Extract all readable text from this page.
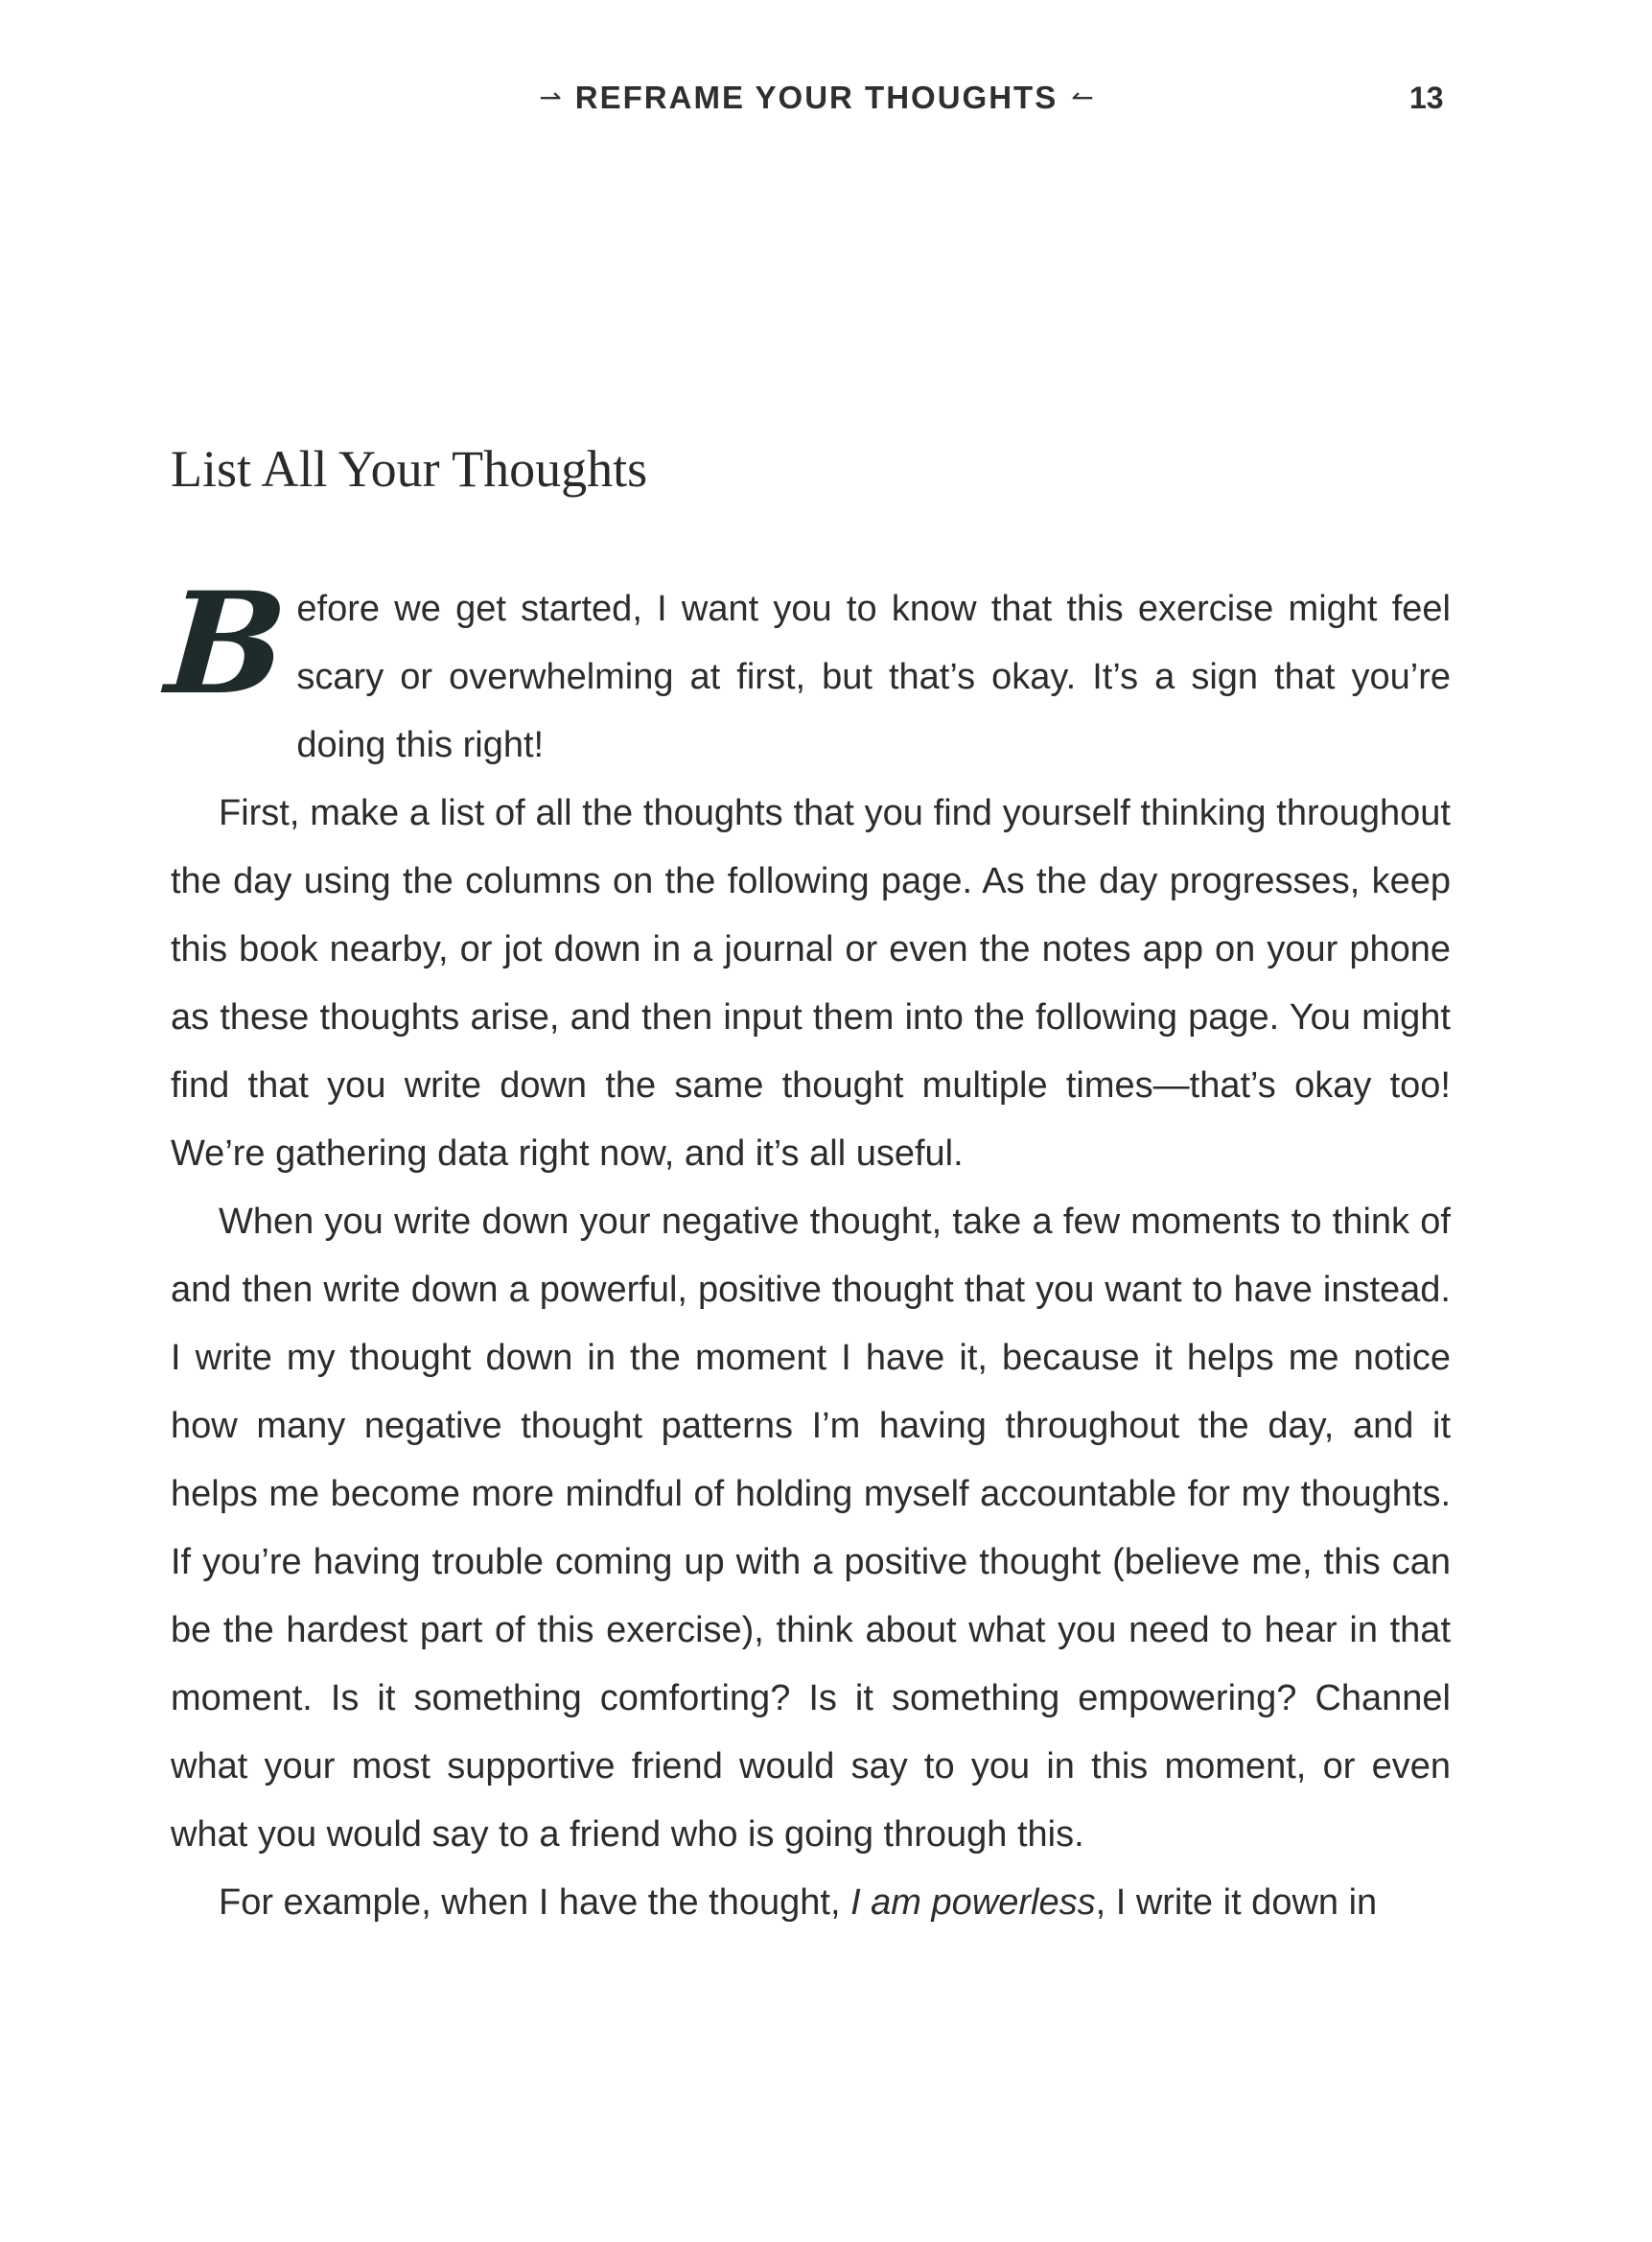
⇀ REFRAME YOUR THOUGHTS ↼	13
List All Your Thoughts

Before we get started, I want you to know that this exercise might feel scary or overwhelming at first, but that’s okay. It’s a sign that you’re doing this right!

First, make a list of all the thoughts that you find yourself thinking throughout the day using the columns on the following page. As the day progresses, keep this book nearby, or jot down in a journal or even the notes app on your phone as these thoughts arise, and then input them into the following page. You might find that you write down the same thought multiple times—that’s okay too! We’re gathering data right now, and it’s all useful.

When you write down your negative thought, take a few moments to think of and then write down a powerful, positive thought that you want to have instead. I write my thought down in the moment I have it, because it helps me notice how many negative thought patterns I’m having throughout the day, and it helps me become more mindful of holding myself accountable for my thoughts. If you’re having trouble coming up with a positive thought (believe me, this can be the hardest part of this exercise), think about what you need to hear in that moment. Is it something comforting? Is it something empowering? Channel what your most supportive friend would say to you in this moment, or even what you would say to a friend who is going through this.

For example, when I have the thought, I am powerless, I write it down in
